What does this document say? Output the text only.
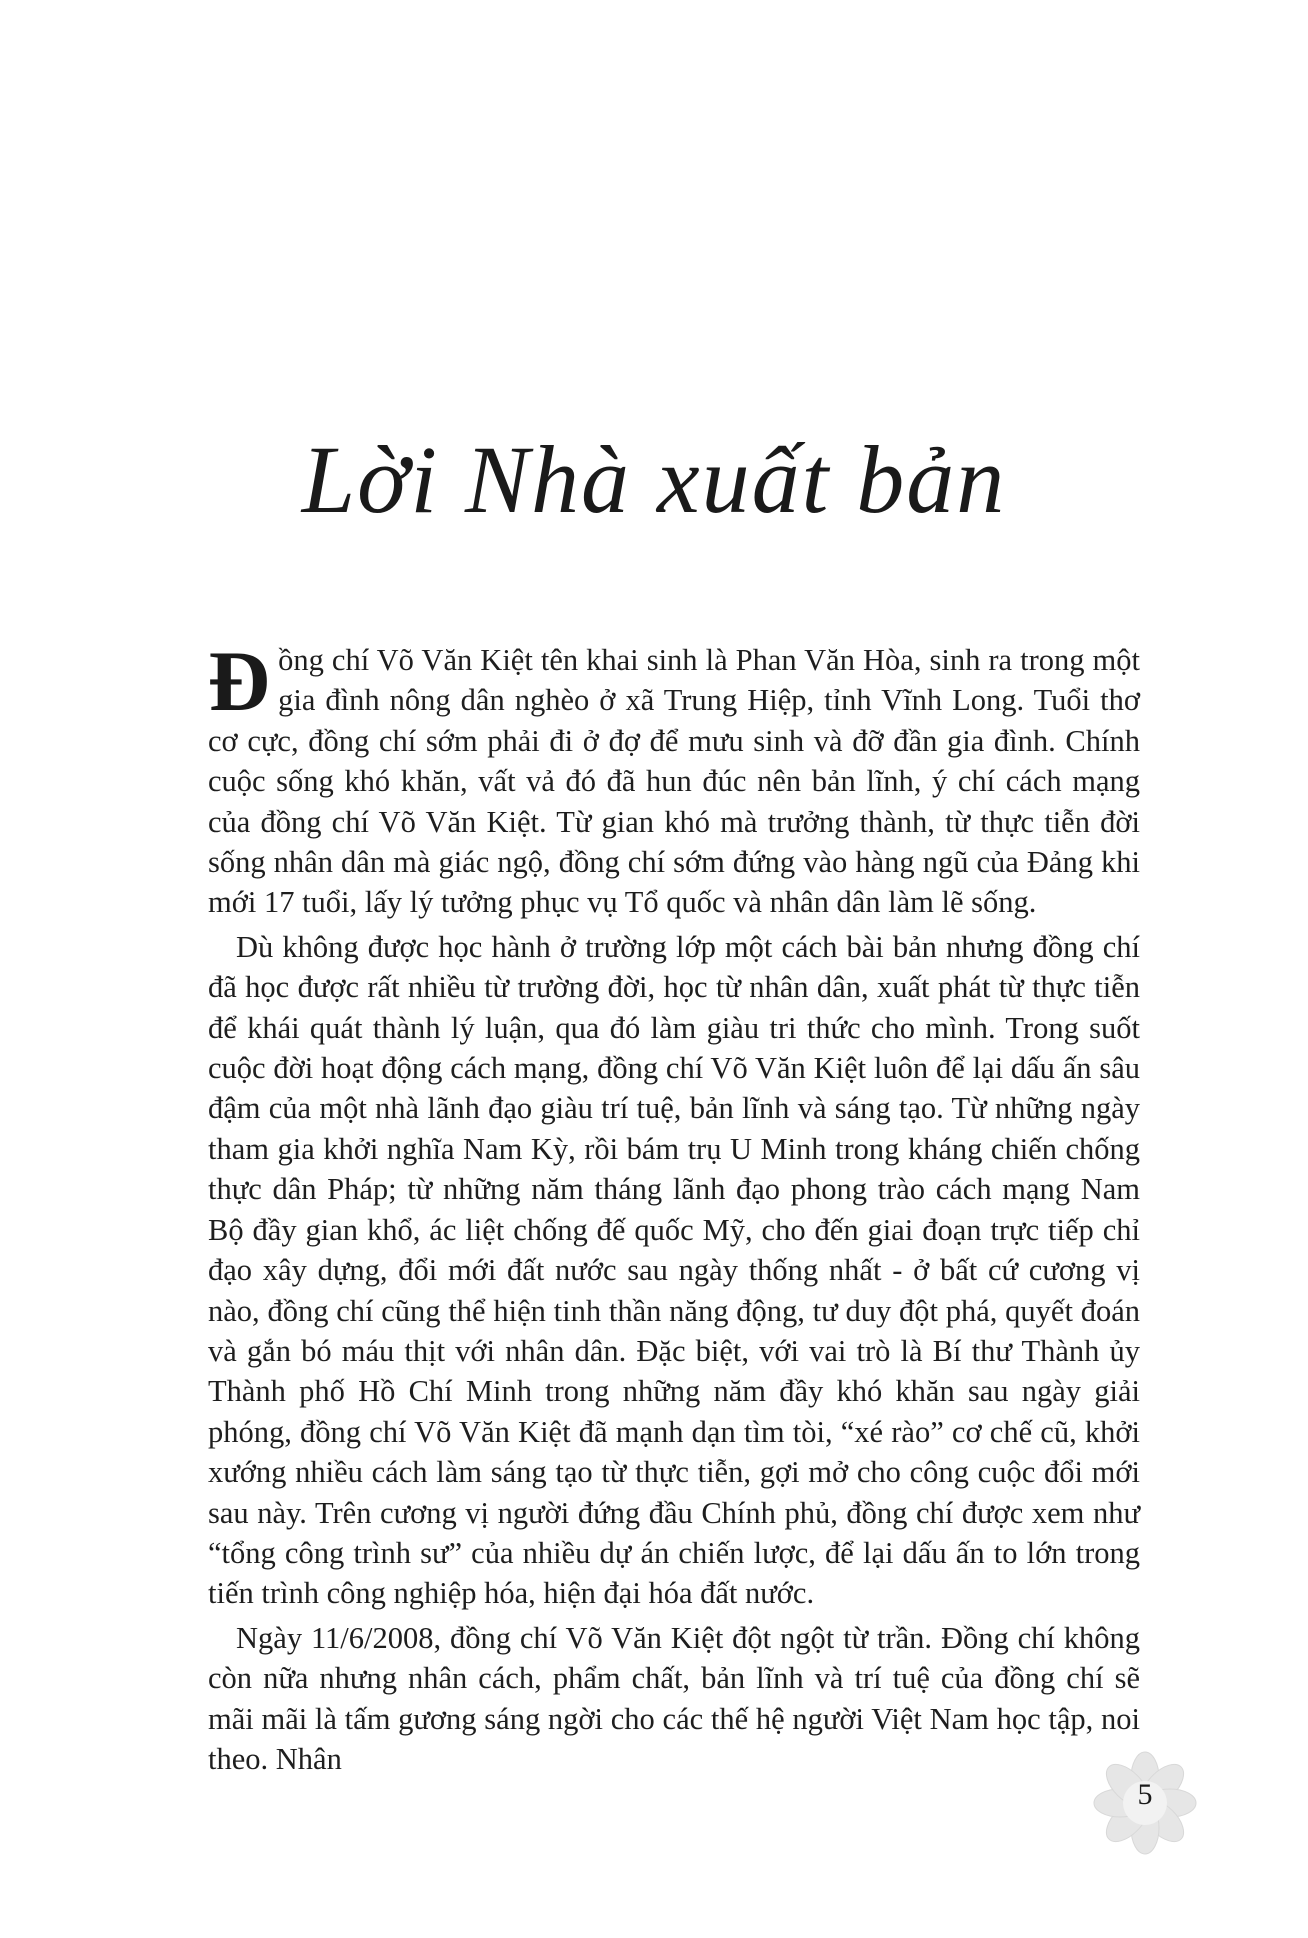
Lời Nhà xuất bản

Đồng chí Võ Văn Kiệt tên khai sinh là Phan Văn Hòa, sinh ra trong một gia đình nông dân nghèo ở xã Trung Hiệp, tỉnh Vĩnh Long. Tuổi thơ cơ cực, đồng chí sớm phải đi ở đợ để mưu sinh và đỡ đần gia đình. Chính cuộc sống khó khăn, vất vả đó đã hun đúc nên bản lĩnh, ý chí cách mạng của đồng chí Võ Văn Kiệt. Từ gian khó mà trưởng thành, từ thực tiễn đời sống nhân dân mà giác ngộ, đồng chí sớm đứng vào hàng ngũ của Đảng khi mới 17 tuổi, lấy lý tưởng phục vụ Tổ quốc và nhân dân làm lẽ sống.

Dù không được học hành ở trường lớp một cách bài bản nhưng đồng chí đã học được rất nhiều từ trường đời, học từ nhân dân, xuất phát từ thực tiễn để khái quát thành lý luận, qua đó làm giàu tri thức cho mình. Trong suốt cuộc đời hoạt động cách mạng, đồng chí Võ Văn Kiệt luôn để lại dấu ấn sâu đậm của một nhà lãnh đạo giàu trí tuệ, bản lĩnh và sáng tạo. Từ những ngày tham gia khởi nghĩa Nam Kỳ, rồi bám trụ U Minh trong kháng chiến chống thực dân Pháp; từ những năm tháng lãnh đạo phong trào cách mạng Nam Bộ đầy gian khổ, ác liệt chống đế quốc Mỹ, cho đến giai đoạn trực tiếp chỉ đạo xây dựng, đổi mới đất nước sau ngày thống nhất - ở bất cứ cương vị nào, đồng chí cũng thể hiện tinh thần năng động, tư duy đột phá, quyết đoán và gắn bó máu thịt với nhân dân. Đặc biệt, với vai trò là Bí thư Thành ủy Thành phố Hồ Chí Minh trong những năm đầy khó khăn sau ngày giải phóng, đồng chí Võ Văn Kiệt đã mạnh dạn tìm tòi, “xé rào” cơ chế cũ, khởi xướng nhiều cách làm sáng tạo từ thực tiễn, gợi mở cho công cuộc đổi mới sau này. Trên cương vị người đứng đầu Chính phủ, đồng chí được xem như “tổng công trình sư” của nhiều dự án chiến lược, để lại dấu ấn to lớn trong tiến trình công nghiệp hóa, hiện đại hóa đất nước.

Ngày 11/6/2008, đồng chí Võ Văn Kiệt đột ngột từ trần. Đồng chí không còn nữa nhưng nhân cách, phẩm chất, bản lĩnh và trí tuệ của đồng chí sẽ mãi mãi là tấm gương sáng ngời cho các thế hệ người Việt Nam học tập, noi theo. Nhân

5
